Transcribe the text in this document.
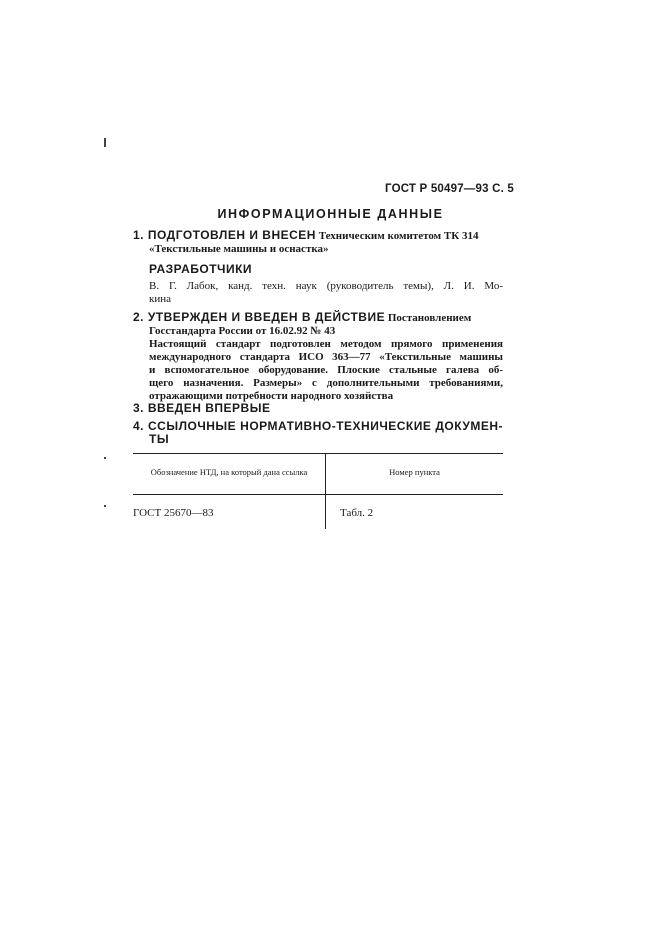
ГОСТ Р 50497—93 С. 5
ИНФОРМАЦИОННЫЕ ДАННЫЕ
1. ПОДГОТОВЛЕН И ВНЕСЕН Техническим комитетом ТК 314
«Текстильные машины и оснастка»
РАЗРАБОТЧИКИ
В. Г. Лабок, канд. техн. наук (руководитель темы), Л. И. Мо-
кина
2. УТВЕРЖДЕН И ВВЕДЕН В ДЕЙСТВИЕ Постановлением
Госстандарта России от 16.02.92 № 43
Настоящий стандарт подготовлен методом прямого применения
международного стандарта ИСО 363—77 «Текстильные машины
и вспомогательное оборудование. Плоские стальные галева об-
щего назначения. Размеры» с дополнительными требованиями,
отражающими потребности народного хозяйства
3. ВВЕДЕН ВПЕРВЫЕ
4. ССЫЛОЧНЫЕ НОРМАТИВНО-ТЕХНИЧЕСКИЕ ДОКУМЕН-
ТЫ
Обозначение НТД, на который дана ссылка	Номер пункта
ГОСТ 25670—83	Табл. 2
